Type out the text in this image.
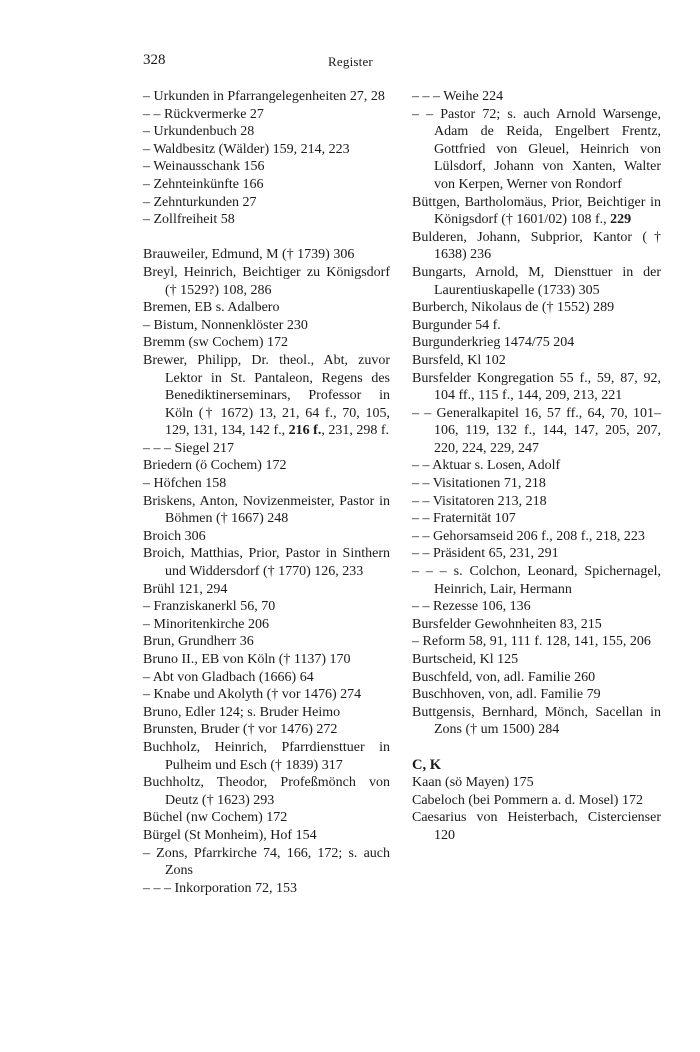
328	Register
– Urkunden in Pfarrangelegenheiten 27, 28
– – Rückvermerke 27
– Urkundenbuch 28
– Waldbesitz (Wälder) 159, 214, 223
– Weinausschank 156
– Zehnteinkünfte 166
– Zehnturkunden 27
– Zollfreiheit 58
Brauweiler, Edmund, M († 1739) 306
Breyl, Heinrich, Beichtiger zu Königsdorf († 1529?) 108, 286
Bremen, EB s. Adalbero
– Bistum, Nonnenklöster 230
Bremm (sw Cochem) 172
Brewer, Philipp, Dr. theol., Abt, zuvor Lektor in St. Pantaleon, Regens des Benediktinerseminars, Professor in Köln († 1672) 13, 21, 64 f., 70, 105, 129, 131, 134, 142 f., 216 f., 231, 298 f.
– – – Siegel 217
Briedern (ö Cochem) 172
– Höfchen 158
Briskens, Anton, Novizenmeister, Pastor in Böhmen († 1667) 248
Broich 306
Broich, Matthias, Prior, Pastor in Sinthern und Widdersdorf († 1770) 126, 233
Brühl 121, 294
– Franziskanerkl 56, 70
– Minoritenkirche 206
Brun, Grundherr 36
Bruno II., EB von Köln († 1137) 170
– Abt von Gladbach (1666) 64
– Knabe und Akolyth († vor 1476) 274
Bruno, Edler 124; s. Bruder Heimo
Brunsten, Bruder († vor 1476) 272
Buchholz, Heinrich, Pfarrdiensttuer in Pulheim und Esch († 1839) 317
Buchholtz, Theodor, Profeßmönch von Deutz († 1623) 293
Büchel (nw Cochem) 172
Bürgel (St Monheim), Hof 154
– Zons, Pfarrkirche 74, 166, 172; s. auch Zons
– – – Inkorporation 72, 153
– – – Weihe 224
– – Pastor 72; s. auch Arnold Warsenge, Adam de Reida, Engelbert Frentz, Gottfried von Gleuel, Heinrich von Lülsdorf, Johann von Xanten, Walter von Kerpen, Werner von Rondorf
Büttgen, Bartholomäus, Prior, Beichtiger in Königsdorf († 1601/02) 108 f., 229
Bulderen, Johann, Subprior, Kantor († 1638) 236
Bungarts, Arnold, M, Diensttuer in der Laurentiuskapelle (1733) 305
Burberch, Nikolaus de († 1552) 289
Burgunder 54 f.
Burgunderkrieg 1474/75 204
Bursfeld, Kl 102
Bursfelder Kongregation 55 f., 59, 87, 92, 104 ff., 115 f., 144, 209, 213, 221
– – Generalkapitel 16, 57 ff., 64, 70, 101–106, 119, 132 f., 144, 147, 205, 207, 220, 224, 229, 247
– – Aktuar s. Losen, Adolf
– – Visitationen 71, 218
– – Visitatoren 213, 218
– – Fraternität 107
– – Gehorsamseid 206 f., 208 f., 218, 223
– – Präsident 65, 231, 291
– – – s. Colchon, Leonard, Spichernagel, Heinrich, Lair, Hermann
– – Rezesse 106, 136
Bursfelder Gewohnheiten 83, 215
– Reform 58, 91, 111 f. 128, 141, 155, 206
Burtscheid, Kl 125
Buschfeld, von, adl. Familie 260
Buschhoven, von, adl. Familie 79
Buttgensis, Bernhard, Mönch, Sacellan in Zons († um 1500) 284
C, K
Kaan (sö Mayen) 175
Cabeloch (bei Pommern a. d. Mosel) 172
Caesarius von Heisterbach, Cistercienser 120
